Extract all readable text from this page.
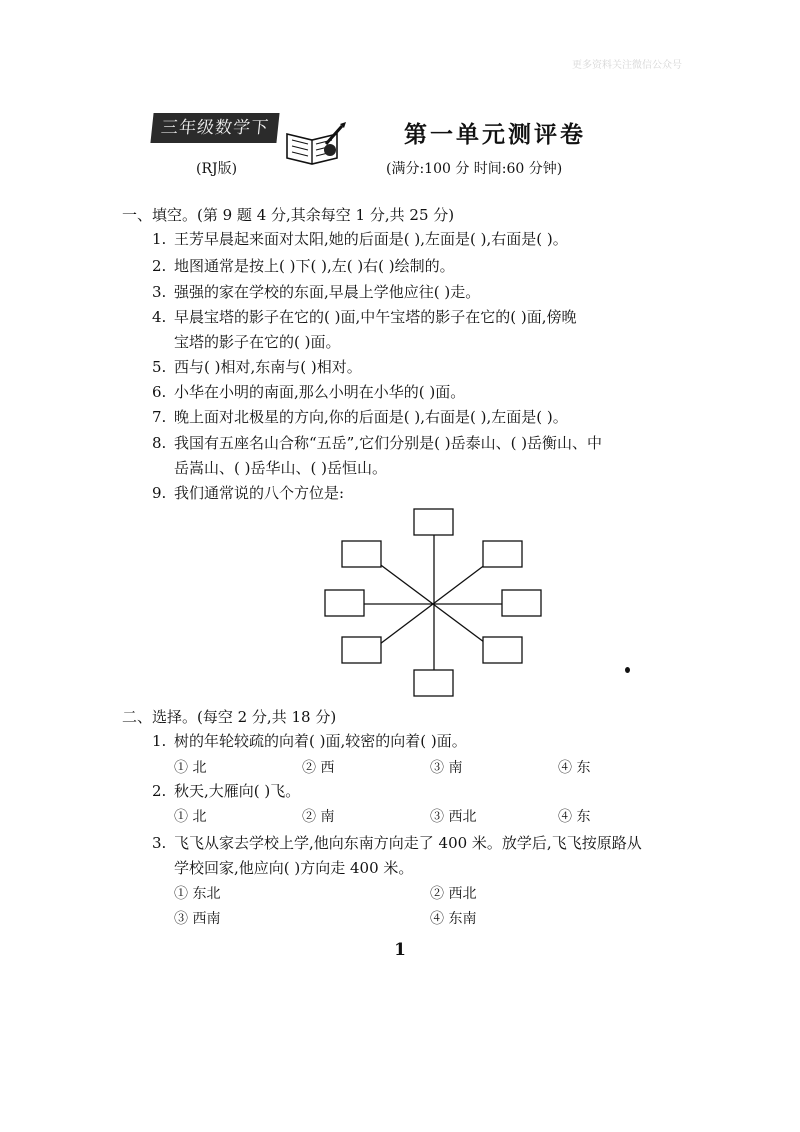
更多资料关注微信公众号
三年级数学下
(RJ版)
第一单元测评卷
(满分:100 分 时间:60 分钟)
一、填空。(第 9 题 4 分,其余每空 1 分,共 25 分)
1. 王芳早晨起来面对太阳,她的后面是( ),左面是( ),右面是( )。
2. 地图通常是按上( )下( ),左( )右( )绘制的。
3. 强强的家在学校的东面,早晨上学他应往( )走。
4. 早晨宝塔的影子在它的( )面,中午宝塔的影子在它的( )面,傍晚
宝塔的影子在它的( )面。
5. 西与( )相对,东南与( )相对。
6. 小华在小明的南面,那么小明在小华的( )面。
7. 晚上面对北极星的方向,你的后面是( ),右面是( ),左面是( )。
8. 我国有五座名山合称“五岳”,它们分别是( )岳泰山、( )岳衡山、中
岳嵩山、( )岳华山、( )岳恒山。
9. 我们通常说的八个方位是:
二、选择。(每空 2 分,共 18 分)
1. 树的年轮较疏的向着( )面,较密的向着( )面。
① 北	② 西	③ 南	④ 东
2. 秋天,大雁向( )飞。
① 北	② 南	③ 西北	④ 东
3. 飞飞从家去学校上学,他向东南方向走了 400 米。放学后,飞飞按原路从
学校回家,他应向( )方向走 400 米。
① 东北	② 西北
③ 西南	④ 东南
1
